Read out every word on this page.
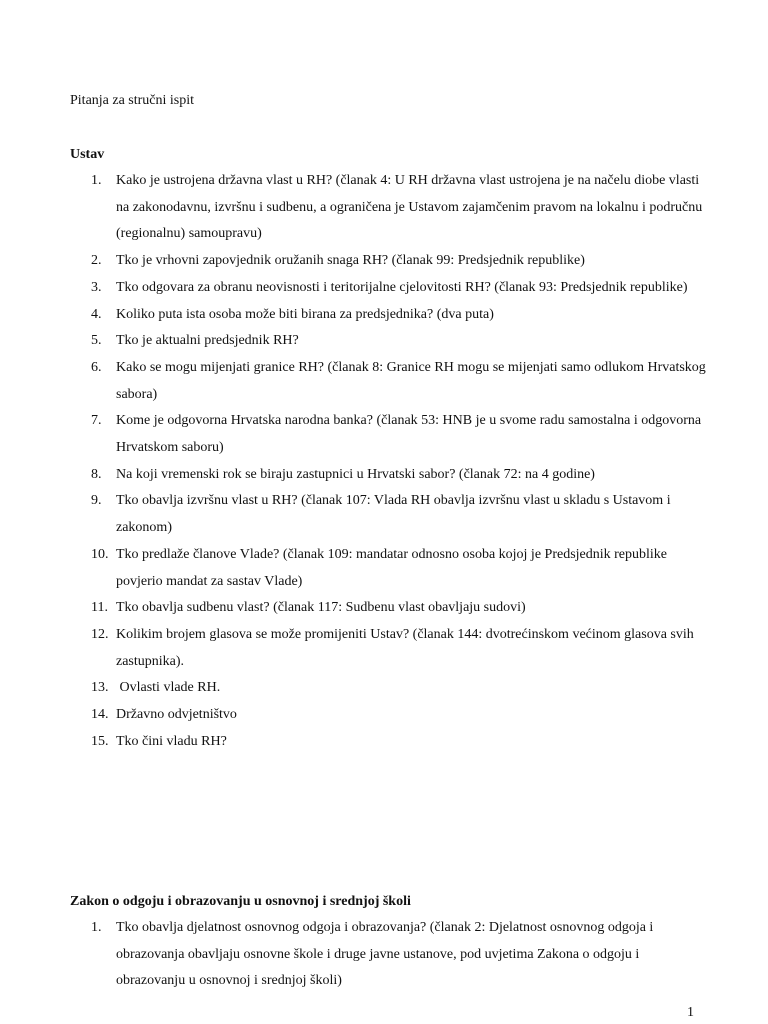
Pitanja za stručni ispit
Ustav
1. Kako je ustrojena državna vlast u RH? (članak 4: U RH državna vlast ustrojena je na načelu diobe vlasti na zakonodavnu, izvršnu i sudbenu, a ograničena je Ustavom zajamčenim pravom na lokalnu i područnu (regionalnu) samoupravu)
2. Tko je vrhovni zapovjednik oružanih snaga RH? (članak 99: Predsjednik republike)
3. Tko odgovara za obranu neovisnosti i teritorijalne cjelovitosti RH? (članak 93: Predsjednik republike)
4. Koliko puta ista osoba može biti birana za predsjednika? (dva puta)
5. Tko je aktualni predsjednik RH?
6. Kako se mogu mijenjati granice RH? (članak 8: Granice RH mogu se mijenjati samo odlukom Hrvatskog sabora)
7. Kome je odgovorna Hrvatska narodna banka? (članak 53: HNB je u svome radu samostalna i odgovorna Hrvatskom saboru)
8. Na koji vremenski rok se biraju zastupnici u Hrvatski sabor? (članak 72: na 4 godine)
9. Tko obavlja izvršnu vlast u RH? (članak 107: Vlada RH obavlja izvršnu vlast u skladu s Ustavom i zakonom)
10. Tko predlaže članove Vlade? (članak 109: mandatar odnosno osoba kojoj je Predsjednik republike povjerio mandat za sastav Vlade)
11. Tko obavlja sudbenu vlast? (članak 117: Sudbenu vlast obavljaju sudovi)
12. Kolikim brojem glasova se može promijeniti Ustav? (članak 144: dvotrećinskom većinom glasova svih zastupnika).
13. Ovlasti vlade RH.
14. Državno odvjetništvo
15. Tko čini vladu RH?
Zakon o odgoju i obrazovanju u osnovnoj i srednjoj školi
1. Tko obavlja djelatnost osnovnog odgoja i obrazovanja? (članak 2: Djelatnost osnovnog odgoja i obrazovanja obavljaju osnovne škole i druge javne ustanove, pod uvjetima Zakona o odgoju i obrazovanju u osnovnoj i srednjoj školi)
1
